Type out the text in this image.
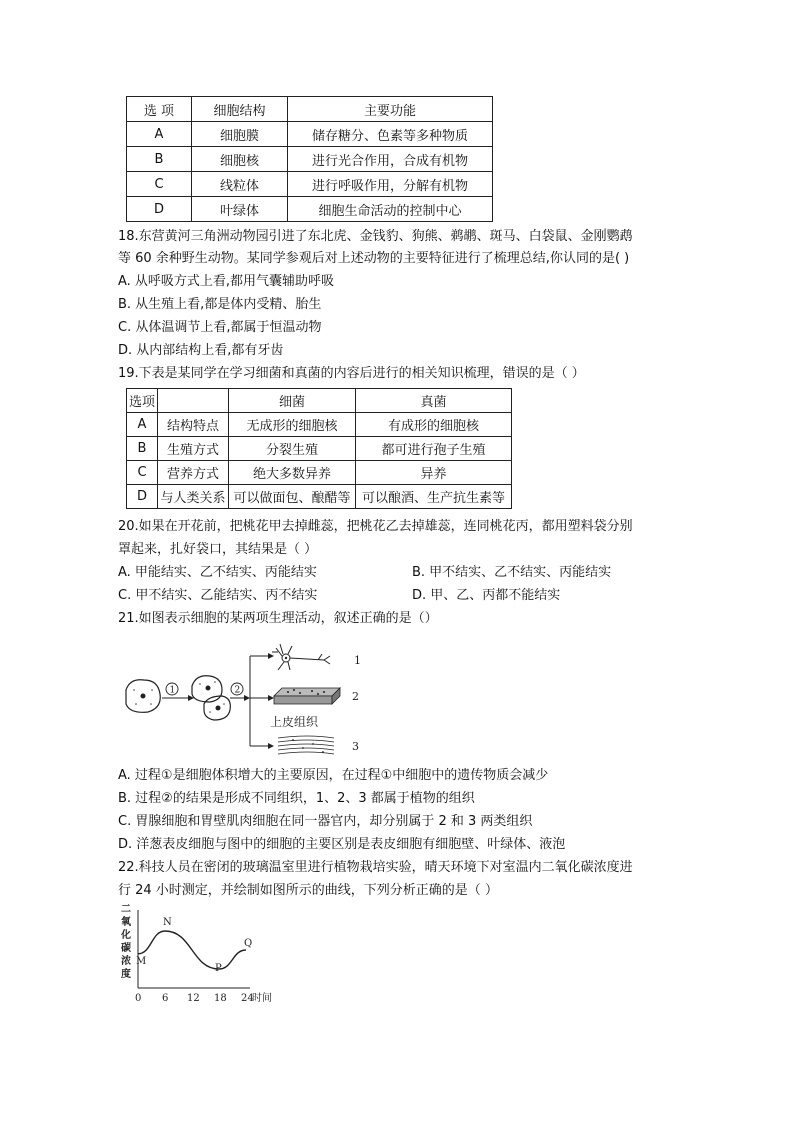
选 项	细胞结构	主要功能
A	细胞膜	储存糖分、色素等多种物质
B	细胞核	进行光合作用，合成有机物
C	线粒体	进行呼吸作用，分解有机物
D	叶绿体	细胞生命活动的控制中心
18.东营黄河三角洲动物园引进了东北虎、金钱豹、狗熊、鹈鹕、斑马、白袋鼠、金刚鹦鹉
等 60 余种野生动物。某同学参观后对上述动物的主要特征进行了梳理总结,你认同的是( )
A. 从呼吸方式上看,都用气囊辅助呼吸
B. 从生殖上看,都是体内受精、胎生
C. 从体温调节上看,都属于恒温动物
D. 从内部结构上看,都有牙齿
19.下表是某同学在学习细菌和真菌的内容后进行的相关知识梳理，错误的是（ ）
选项		细菌	真菌
A	结构特点	无成形的细胞核	有成形的细胞核
B	生殖方式	分裂生殖	都可进行孢子生殖
C	营养方式	绝大多数异养	异养
D	与人类关系	可以做面包、酿醋等	可以酿酒、生产抗生素等
20.如果在开花前，把桃花甲去掉雌蕊，把桃花乙去掉雄蕊，连同桃花丙，都用塑料袋分别
罩起来，扎好袋口，其结果是（ ）
A. 甲能结实、乙不结实、丙能结实	B. 甲不结实、乙不结实、丙能结实
C. 甲不结实、乙能结实、丙不结实	D. 甲、乙、丙都不能结实
21.如图表示细胞的某两项生理活动，叙述正确的是（）
1	2
1
2
上皮组织
3
A. 过程①是细胞体积增大的主要原因，在过程①中细胞中的遗传物质会减少
B. 过程②的结果是形成不同组织，1、2、3 都属于植物的组织
C. 胃腺细胞和胃壁肌肉细胞在同一器官内，却分别属于 2 和 3 两类组织
D. 洋葱表皮细胞与图中的细胞的主要区别是表皮细胞有细胞壁、叶绿体、液泡
22.科技人员在密闭的玻璃温室里进行植物栽培实验，晴天环境下对室温内二氧化碳浓度进
行 24 小时测定，并绘制如图所示的曲线，下列分析正确的是（ ）
二
氧
化
碳
浓
度
0 6 12 18 24
M
N
P
Q
时间
